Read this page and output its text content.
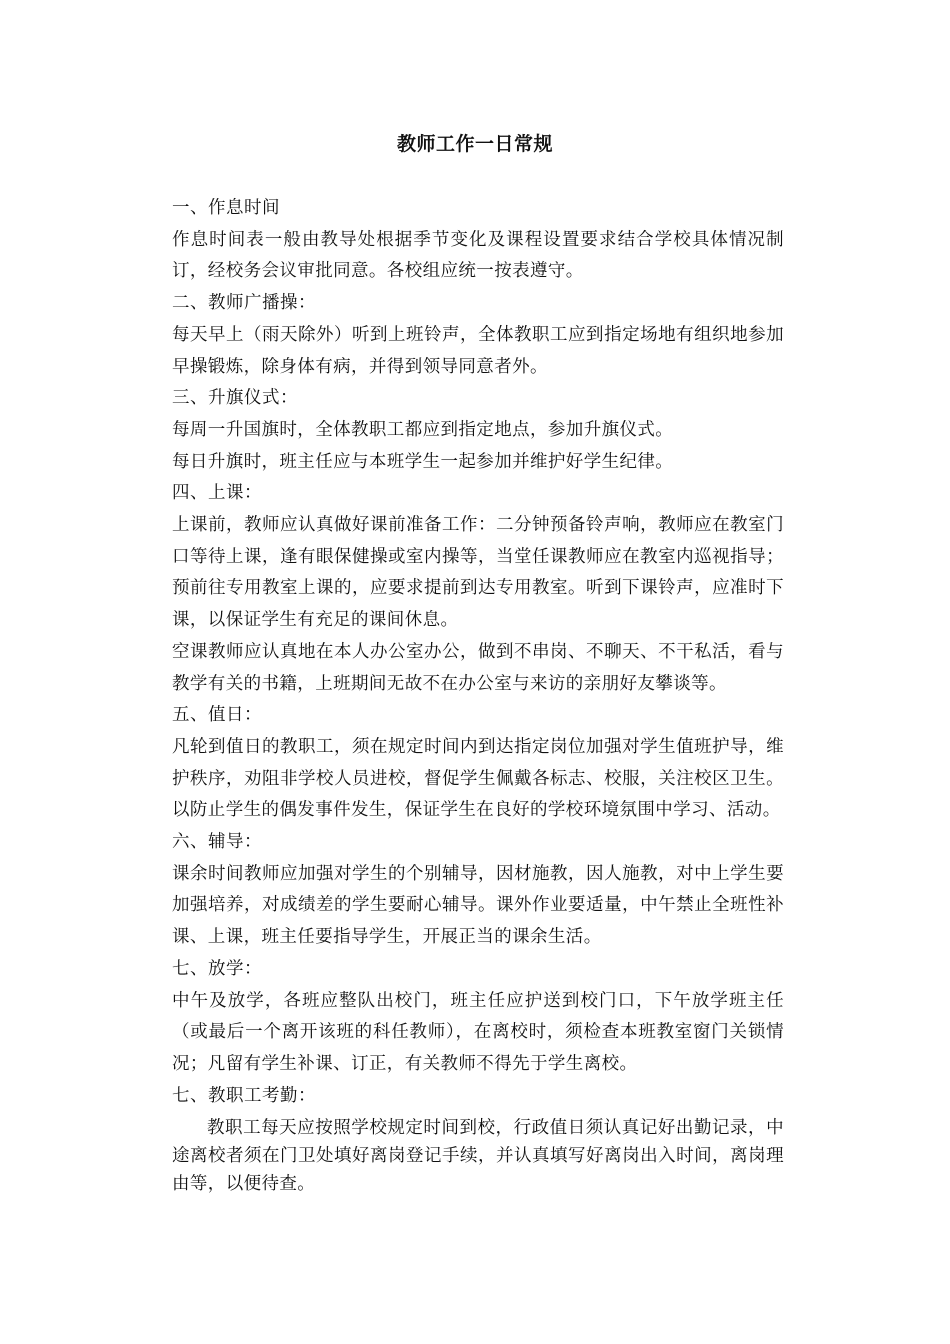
教师工作一日常规

一、作息时间

作息时间表一般由教导处根据季节变化及课程设置要求结合学校具体情况制订，经校务会议审批同意。各校组应统一按表遵守。

二、教师广播操：

每天早上（雨天除外）听到上班铃声，全体教职工应到指定场地有组织地参加早操锻炼，除身体有病，并得到领导同意者外。

三、升旗仪式：

每周一升国旗时，全体教职工都应到指定地点，参加升旗仪式。

每日升旗时，班主任应与本班学生一起参加并维护好学生纪律。

四、上课：

上课前，教师应认真做好课前准备工作：二分钟预备铃声响，教师应在教室门口等待上课，逢有眼保健操或室内操等，当堂任课教师应在教室内巡视指导；预前往专用教室上课的，应要求提前到达专用教室。听到下课铃声，应准时下课，以保证学生有充足的课间休息。

空课教师应认真地在本人办公室办公，做到不串岗、不聊天、不干私活，看与教学有关的书籍，上班期间无故不在办公室与来访的亲朋好友攀谈等。

五、值日：

凡轮到值日的教职工，须在规定时间内到达指定岗位加强对学生值班护导，维护秩序，劝阻非学校人员进校，督促学生佩戴各标志、校服，关注校区卫生。以防止学生的偶发事件发生，保证学生在良好的学校环境氛围中学习、活动。

六、辅导：

课余时间教师应加强对学生的个别辅导，因材施教，因人施教，对中上学生要加强培养，对成绩差的学生要耐心辅导。课外作业要适量，中午禁止全班性补课、上课，班主任要指导学生，开展正当的课余生活。

七、放学：

中午及放学，各班应整队出校门，班主任应护送到校门口，下午放学班主任（或最后一个离开该班的科任教师），在离校时，须检查本班教室窗门关锁情况；凡留有学生补课、订正，有关教师不得先于学生离校。

七、教职工考勤：

教职工每天应按照学校规定时间到校，行政值日须认真记好出勤记录，中途离校者须在门卫处填好离岗登记手续，并认真填写好离岗出入时间，离岗理由等，以便待查。
